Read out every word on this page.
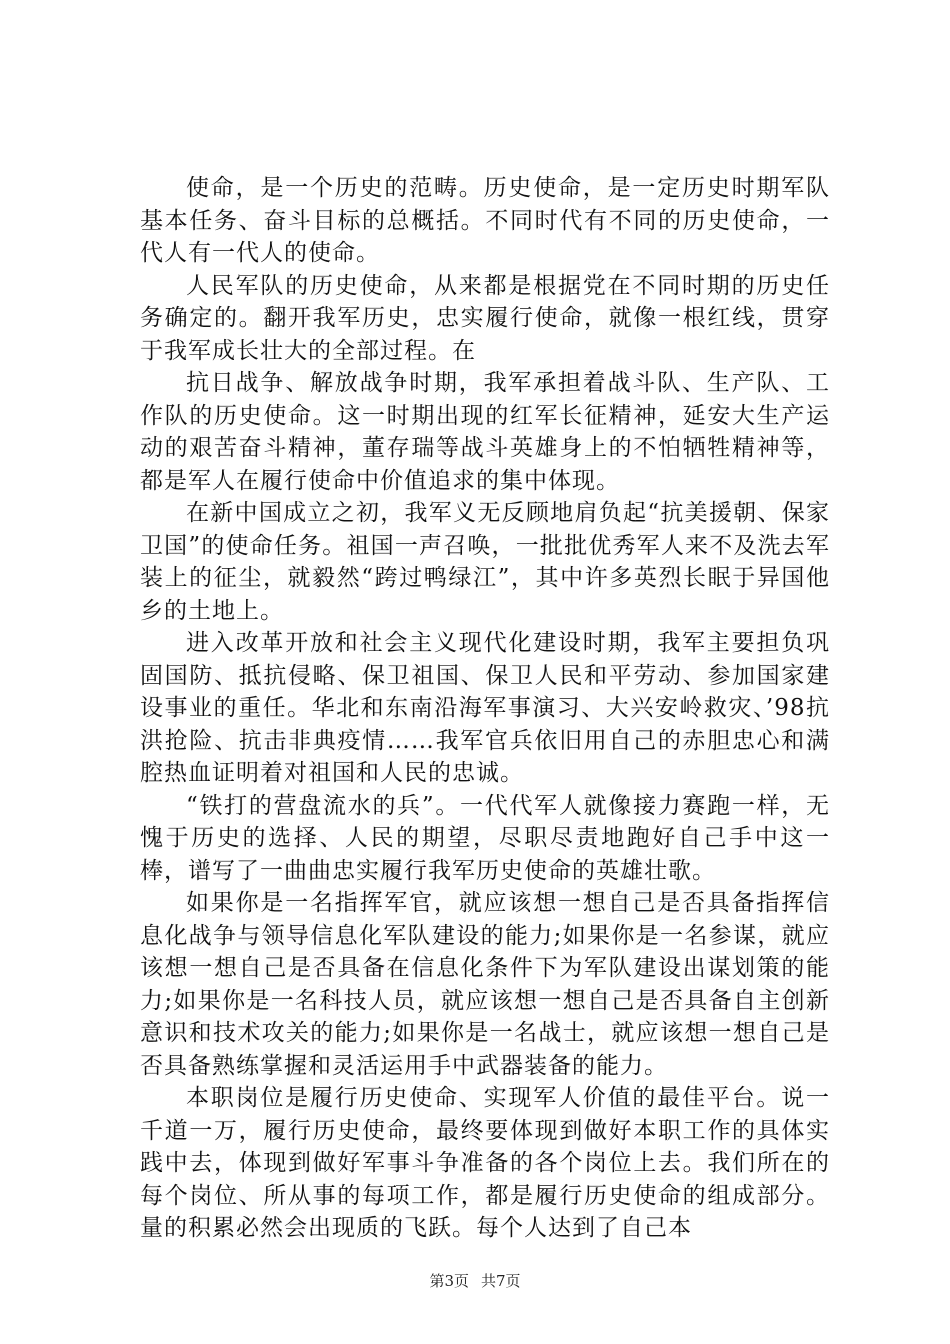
使命，是一个历史的范畴。历史使命，是一定历史时期军队基本任务、奋斗目标的总概括。不同时代有不同的历史使命，一代人有一代人的使命。

人民军队的历史使命，从来都是根据党在不同时期的历史任务确定的。翻开我军历史，忠实履行使命，就像一根红线，贯穿于我军成长壮大的全部过程。在

抗日战争、解放战争时期，我军承担着战斗队、生产队、工作队的历史使命。这一时期出现的红军长征精神，延安大生产运动的艰苦奋斗精神，董存瑞等战斗英雄身上的不怕牺牲精神等，都是军人在履行使命中价值追求的集中体现。

在新中国成立之初，我军义无反顾地肩负起“抗美援朝、保家卫国”的使命任务。祖国一声召唤，一批批优秀军人来不及洗去军装上的征尘，就毅然“跨过鸭绿江”，其中许多英烈长眠于异国他乡的土地上。

进入改革开放和社会主义现代化建设时期，我军主要担负巩固国防、抵抗侵略、保卫祖国、保卫人民和平劳动、参加国家建设事业的重任。华北和东南沿海军事演习、大兴安岭救灾、’98抗洪抢险、抗击非典疫情……我军官兵依旧用自己的赤胆忠心和满腔热血证明着对祖国和人民的忠诚。

“铁打的营盘流水的兵”。一代代军人就像接力赛跑一样，无愧于历史的选择、人民的期望，尽职尽责地跑好自己手中这一棒，谱写了一曲曲忠实履行我军历史使命的英雄壮歌。

如果你是一名指挥军官，就应该想一想自己是否具备指挥信息化战争与领导信息化军队建设的能力;如果你是一名参谋，就应该想一想自己是否具备在信息化条件下为军队建设出谋划策的能力;如果你是一名科技人员，就应该想一想自己是否具备自主创新意识和技术攻关的能力;如果你是一名战士，就应该想一想自己是否具备熟练掌握和灵活运用手中武器装备的能力。

本职岗位是履行历史使命、实现军人价值的最佳平台。说一千道一万，履行历史使命，最终要体现到做好本职工作的具体实践中去，体现到做好军事斗争准备的各个岗位上去。我们所在的每个岗位、所从事的每项工作，都是履行历史使命的组成部分。量的积累必然会出现质的飞跃。每个人达到了自己本

第3页 共7页
